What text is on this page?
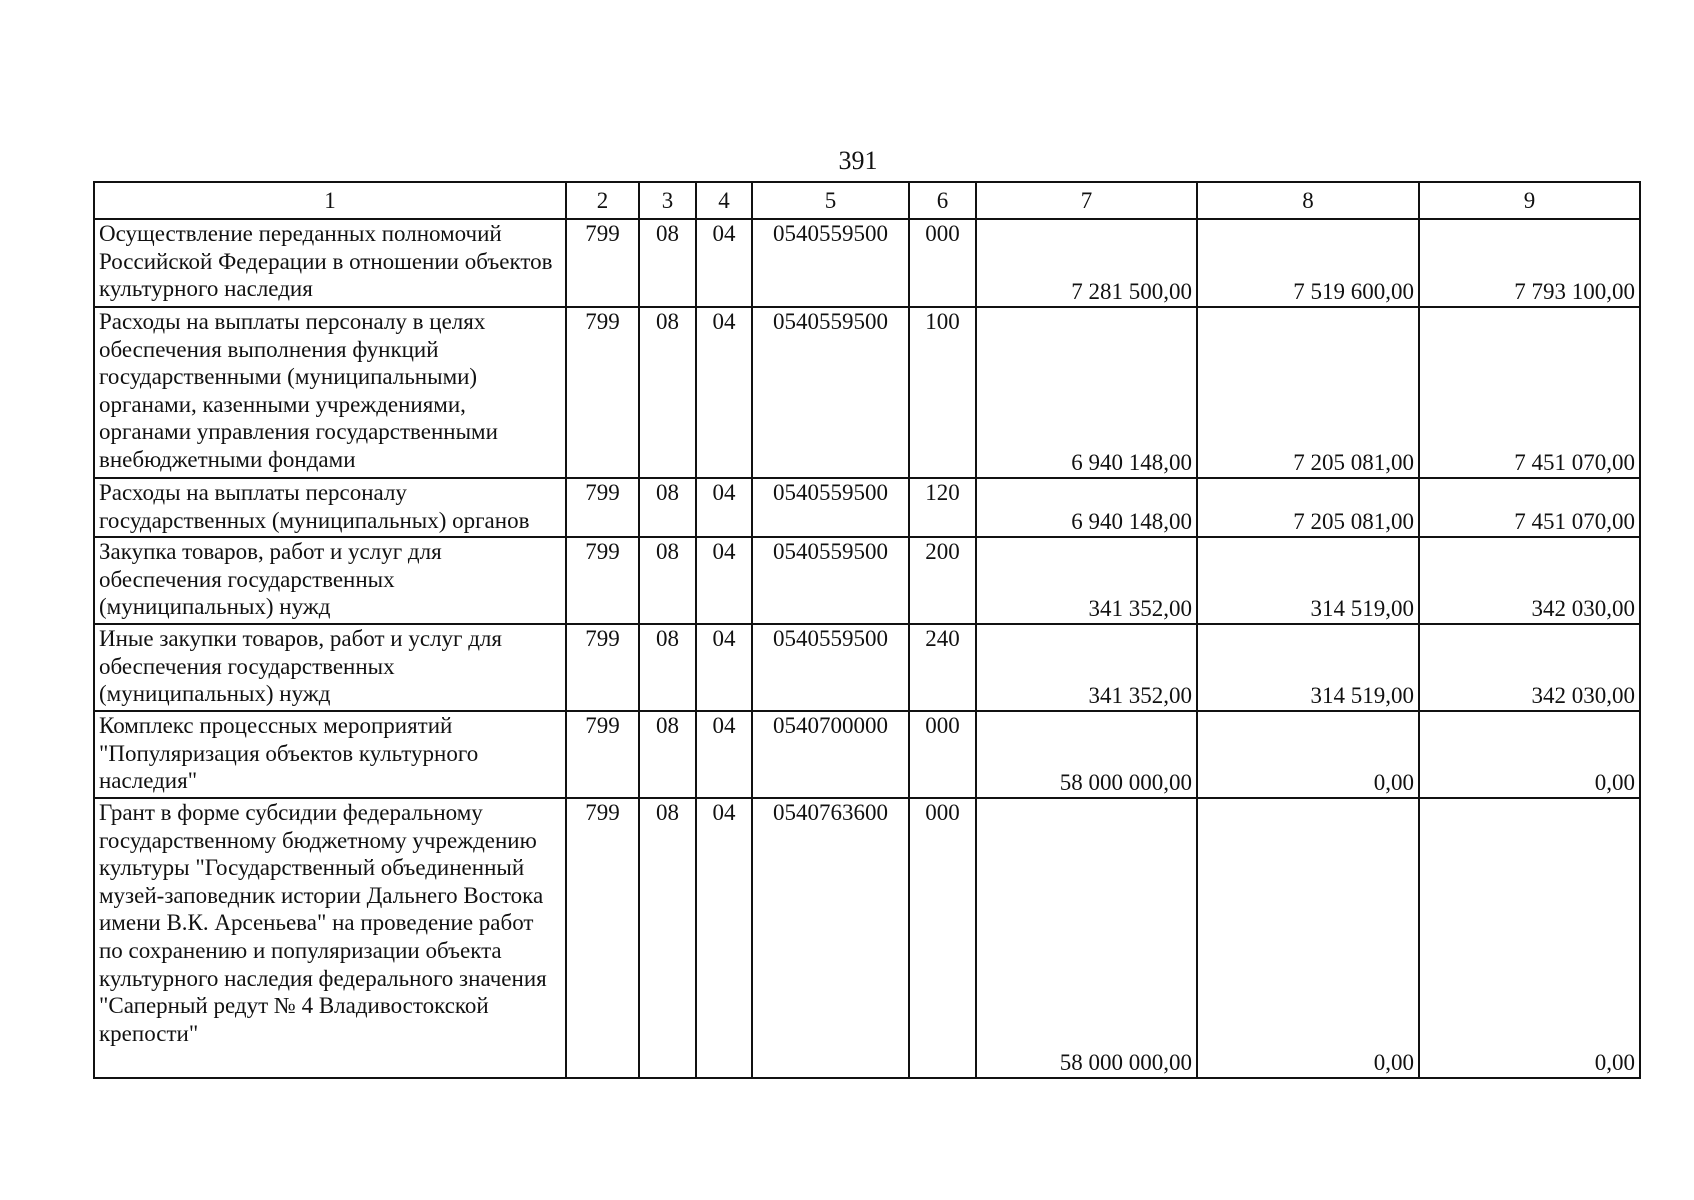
391
1	2	3	4	5	6	7	8	9
Осуществление переданных полномочий Российской Федерации в отношении объектов культурного наследия	799	08	04	0540559500	000	7 281 500,00	7 519 600,00	7 793 100,00
Расходы на выплаты персоналу в целях обеспечения выполнения функций государственными (муниципальными) органами, казенными учреждениями, органами управления государственными внебюджетными фондами	799	08	04	0540559500	100	6 940 148,00	7 205 081,00	7 451 070,00
Расходы на выплаты персоналу государственных (муниципальных) органов	799	08	04	0540559500	120	6 940 148,00	7 205 081,00	7 451 070,00
Закупка товаров, работ и услуг для обеспечения государственных (муниципальных) нужд	799	08	04	0540559500	200	341 352,00	314 519,00	342 030,00
Иные закупки товаров, работ и услуг для обеспечения государственных (муниципальных) нужд	799	08	04	0540559500	240	341 352,00	314 519,00	342 030,00
Комплекс процессных мероприятий "Популяризация объектов культурного наследия"	799	08	04	0540700000	000	58 000 000,00	0,00	0,00
Грант в форме субсидии федеральному государственному бюджетному учреждению культуры "Государственный объединенный музей-заповедник истории Дальнего Востока имени В.К. Арсеньева" на проведение работ по сохранению и популяризации объекта культурного наследия федерального значения "Саперный редут № 4 Владивостокской крепости"	799	08	04	0540763600	000	58 000 000,00	0,00	0,00
